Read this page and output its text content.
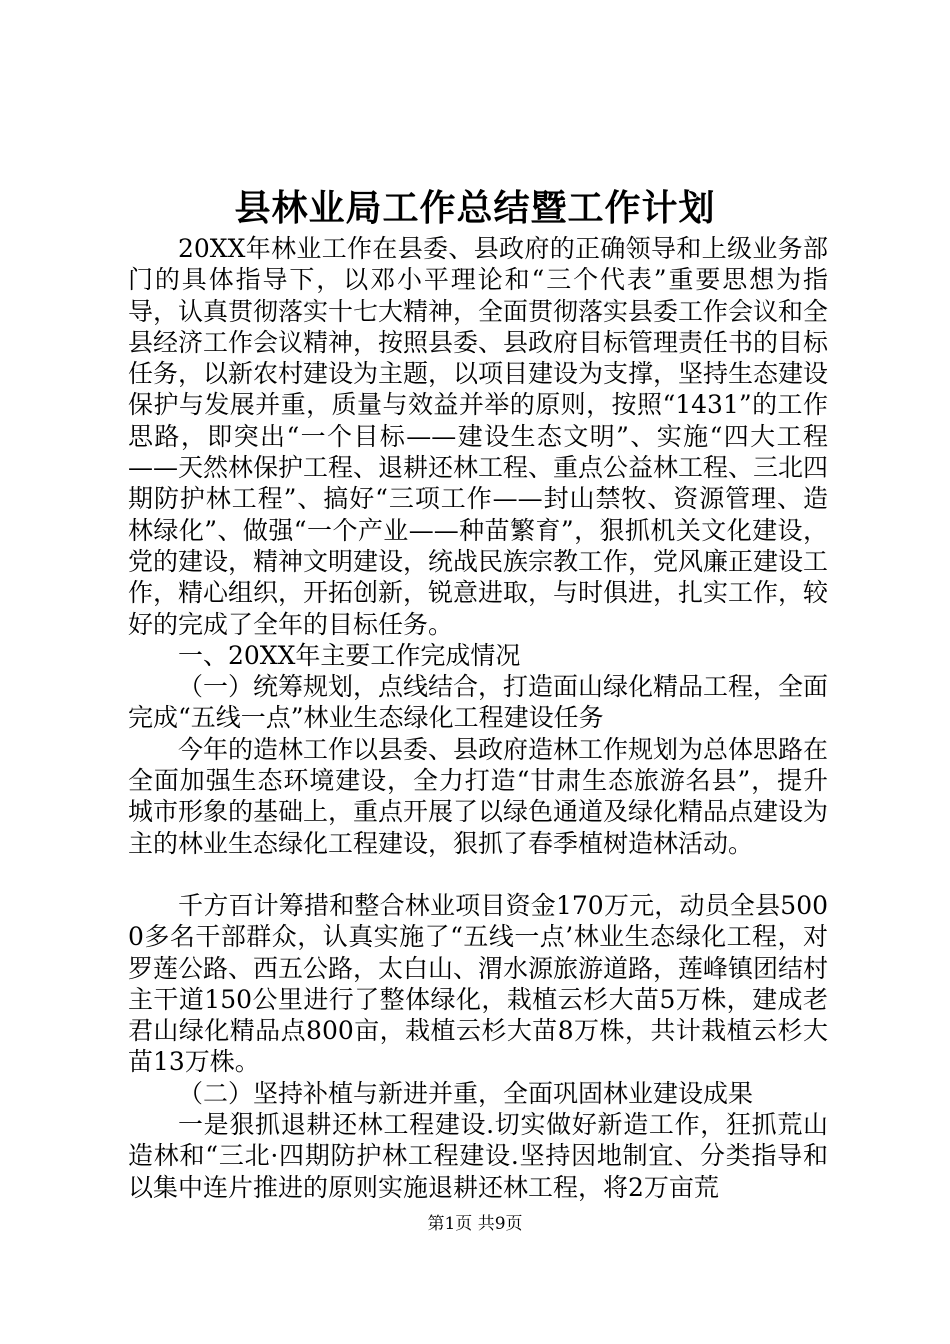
县林业局工作总结暨工作计划

20XX年林业工作在县委、县政府的正确领导和上级业务部门的具体指导下，以邓小平理论和“三个代表”重要思想为指导，认真贯彻落实十七大精神，全面贯彻落实县委工作会议和全县经济工作会议精神，按照县委、县政府目标管理责任书的目标任务，以新农村建设为主题，以项目建设为支撑，坚持生态建设保护与发展并重，质量与效益并举的原则，按照“1431”的工作思路，即突出“一个目标——建设生态文明”、实施“四大工程——天然林保护工程、退耕还林工程、重点公益林工程、三北四期防护林工程”、搞好“三项工作——封山禁牧、资源管理、造林绿化”、做强“一个产业——种苗繁育”，狠抓机关文化建设，党的建设，精神文明建设，统战民族宗教工作，党风廉正建设工作，精心组织，开拓创新，锐意进取，与时俱进，扎实工作，较好的完成了全年的目标任务。

一、20XX年主要工作完成情况

（一）统筹规划，点线结合，打造面山绿化精品工程，全面完成“五线一点”林业生态绿化工程建设任务

今年的造林工作以县委、县政府造林工作规划为总体思路在全面加强生态环境建设，全力打造“甘肃生态旅游名县”，提升城市形象的基础上，重点开展了以绿色通道及绿化精品点建设为主的林业生态绿化工程建设，狠抓了春季植树造林活动。

千方百计筹措和整合林业项目资金170万元，动员全县5000多名干部群众，认真实施了“五线一点’林业生态绿化工程，对罗莲公路、西五公路，太白山、渭水源旅游道路，莲峰镇团结村主干道150公里进行了整体绿化，栽植云杉大苗5万株，建成老君山绿化精品点800亩，栽植云杉大苗8万株，共计栽植云杉大苗13万株。

（二）坚持补植与新进并重，全面巩固林业建设成果

一是狠抓退耕还林工程建设.切实做好新造工作，狂抓荒山造林和“三北·四期防护林工程建设.坚持因地制宜、分类指导和以集中连片推进的原则实施退耕还林工程，将2万亩荒

第1页 共9页
